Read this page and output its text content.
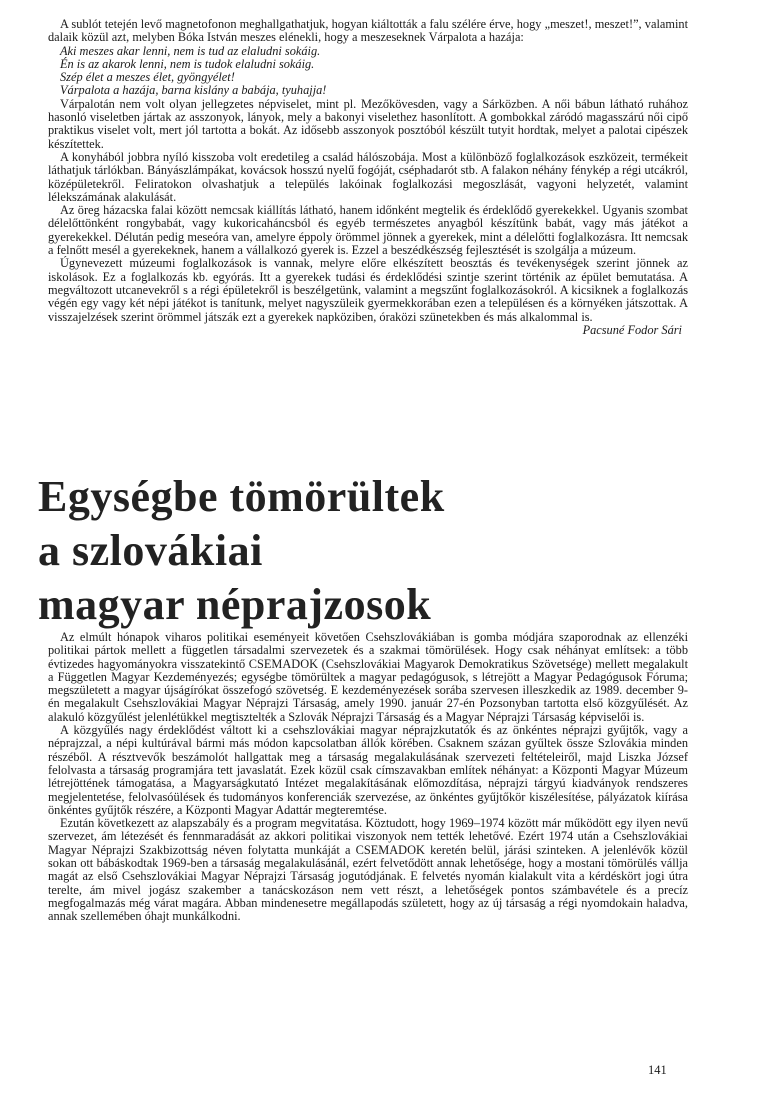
A sublót tetején levő magnetofonon meghallgathatjuk, hogyan kiáltották a falu szélére érve, hogy „meszet!, meszet!”, valamint dalaik közül azt, melyben Bóka István meszes elénekli, hogy a meszeseknek Várpalota a hazája:

Aki meszes akar lenni, nem is tud az elaludni sokáig.

Én is az akarok lenni, nem is tudok elaludni sokáig.

Szép élet a meszes élet, gyöngyélet!

Várpalota a hazája, barna kislány a babája, tyuhajja!

Várpalotán nem volt olyan jellegzetes népviselet, mint pl. Mezőkövesden, vagy a Sárközben. A női bábun látható ruhához hasonló viseletben jártak az asszonyok, lányok, mely a bakonyi viselethez hasonlított. A gombokkal záródó magasszárú női cipő praktikus viselet volt, mert jól tartotta a bokát. Az idősebb asszonyok posztóból készült tutyit hordtak, melyet a palotai cipészek készítettek.

A konyhából jobbra nyíló kisszoba volt eredetileg a család hálószobája. Most a különböző foglalkozások eszközeit, termékeit láthatjuk tárlókban. Bányászlámpákat, kovácsok hosszú nyelű fogóját, cséphadarót stb. A falakon néhány fénykép a régi utcákról, középületekről. Feliratokon olvashatjuk a település lakóinak foglalkozási megoszlását, vagyoni helyzetét, valamint lélekszámának alakulását.

Az öreg házacska falai között nemcsak kiállítás látható, hanem időnként megtelik és érdeklődő gyerekekkel. Ugyanis szombat délelőttönként rongybabát, vagy kukoricaháncsból és egyéb természetes anyagból készítünk babát, vagy más játékot a gyerekekkel. Délután pedig meseóra van, amelyre éppoly örömmel jönnek a gyerekek, mint a délelőtti foglalkozásra. Itt nemcsak a felnőtt mesél a gyerekeknek, hanem a vállalkozó gyerek is. Ezzel a beszédkészség fejlesztését is szolgálja a múzeum.

Úgynevezett múzeumi foglalkozások is vannak, melyre előre elkészített beosztás és tevékenységek szerint jönnek az iskolások. Ez a foglalkozás kb. egyórás. Itt a gyerekek tudási és érdeklődési szintje szerint történik az épület bemutatása. A megváltozott utcanevekről s a régi épületekről is beszélgetünk, valamint a megszűnt foglalkozásokról. A kicsiknek a foglalkozás végén egy vagy két népi játékot is tanítunk, melyet nagyszüleik gyermekkorában ezen a településen és a környéken játszottak. A visszajelzések szerint örömmel játszák ezt a gyerekek napköziben, óraközi szünetekben és más alkalommal is.

Pacsuné Fodor Sári
Egységbe tömörültek
a szlovákiai
magyar néprajzosok

Az elmúlt hónapok viharos politikai eseményeit követően Csehszlovákiában is gomba módjára szaporodnak az ellenzéki politikai pártok mellett a független társadalmi szervezetek és a szakmai tömörülések. Hogy csak néhányat említsek: a több évtizedes hagyományokra visszatekintő CSEMADOK (Csehszlovákiai Magyarok Demokratikus Szövetsége) mellett megalakult a Független Magyar Kezdeményezés; egységbe tömörültek a magyar pedagógusok, s létrejött a Magyar Pedagógusok Fóruma; megszületett a magyar újságírókat összefogó szövetség. E kezdeményezések sorába szervesen illeszkedik az 1989. december 9-én megalakult Csehszlovákiai Magyar Néprajzi Társaság, amely 1990. január 27-én Pozsonyban tartotta első közgyűlését. Az alakuló közgyűlést jelenlétükkel megtisztelték a Szlovák Néprajzi Társaság és a Magyar Néprajzi Társaság képviselői is.

A közgyűlés nagy érdeklődést váltott ki a csehszlovákiai magyar néprajzkutatók és az önkéntes néprajzi gyűjtők, vagy a néprajzzal, a népi kultúrával bármi más módon kapcsolatban állók körében. Csaknem százan gyűltek össze Szlovákia minden részéből. A résztvevők beszámolót hallgattak meg a társaság megalakulásának szervezeti feltételeiről, majd Liszka József felolvasta a társaság programjára tett javaslatát. Ezek közül csak címszavakban említek néhányat: a Központi Magyar Múzeum létrejöttének támogatása, a Magyarságkutató Intézet megalakításának előmozdítása, néprajzi tárgyú kiadványok rendszeres megjelentetése, felolvasóülések és tudományos konferenciák szervezése, az önkéntes gyűjtőkör kiszélesítése, pályázatok kiírása önkéntes gyűjtők részére, a Központi Magyar Adattár megteremtése.

Ezután következett az alapszabály és a program megvitatása. Köztudott, hogy 1969–1974 között már működött egy ilyen nevű szervezet, ám létezését és fennmaradását az akkori politikai viszonyok nem tették lehetővé. Ezért 1974 után a Csehszlovákiai Magyar Néprajzi Szakbizottság néven folytatta munkáját a CSEMADOK keretén belül, járási szinteken. A jelenlévők közül sokan ott bábáskodtak 1969-ben a társaság megalakulásánál, ezért felvetődött annak lehetősége, hogy a mostani tömörülés vállja magát az első Csehszlovákiai Magyar Néprajzi Társaság jogutódjának. E felvetés nyomán kialakult vita a kérdéskört jogi útra terelte, ám mivel jogász szakember a tanácskozáson nem vett részt, a lehetőségek pontos számbavétele és a precíz megfogalmazás még várat magára. Abban mindenesetre megállapodás született, hogy az új társaság a régi nyomdokain haladva, annak szellemében óhajt munkálkodni.

141
